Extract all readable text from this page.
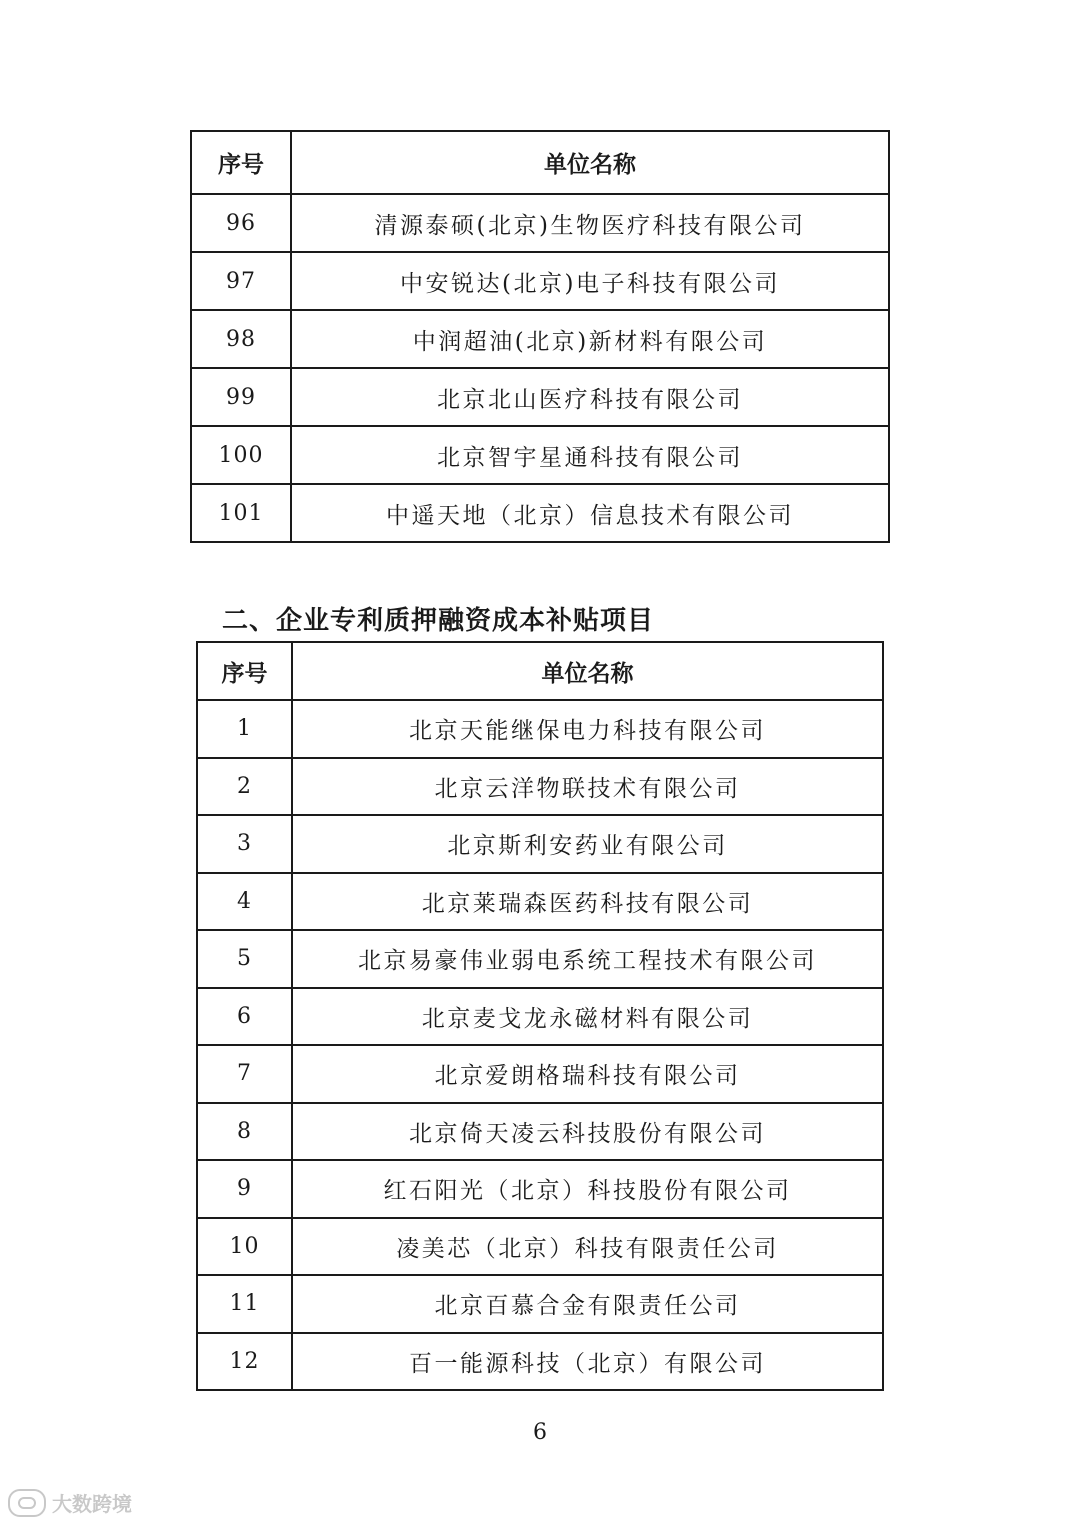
序号	单位名称
96	清源泰硕(北京)生物医疗科技有限公司
97	中安锐达(北京)电子科技有限公司
98	中润超油(北京)新材料有限公司
99	北京北山医疗科技有限公司
100	北京智宇星通科技有限公司
101	中遥天地（北京）信息技术有限公司
二、企业专利质押融资成本补贴项目
序号	单位名称
1	北京天能继保电力科技有限公司
2	北京云洋物联技术有限公司
3	北京斯利安药业有限公司
4	北京莱瑞森医药科技有限公司
5	北京易豪伟业弱电系统工程技术有限公司
6	北京麦戈龙永磁材料有限公司
7	北京爱朗格瑞科技有限公司
8	北京倚天凌云科技股份有限公司
9	红石阳光（北京）科技股份有限公司
10	凌美芯（北京）科技有限责任公司
11	北京百慕合金有限责任公司
12	百一能源科技（北京）有限公司
6
大数跨境
